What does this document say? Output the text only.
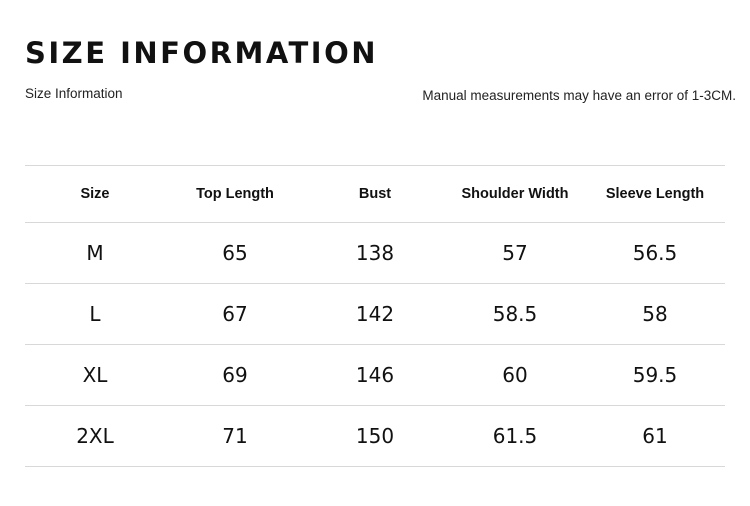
SIZE INFORMATION
Size Information	Manual measurements may have an error of 1-3CM.
Size	Top Length	Bust	Shoulder Width	Sleeve Length
M	65	138	57	56.5
L	67	142	58.5	58
XL	69	146	60	59.5
2XL	71	150	61.5	61
